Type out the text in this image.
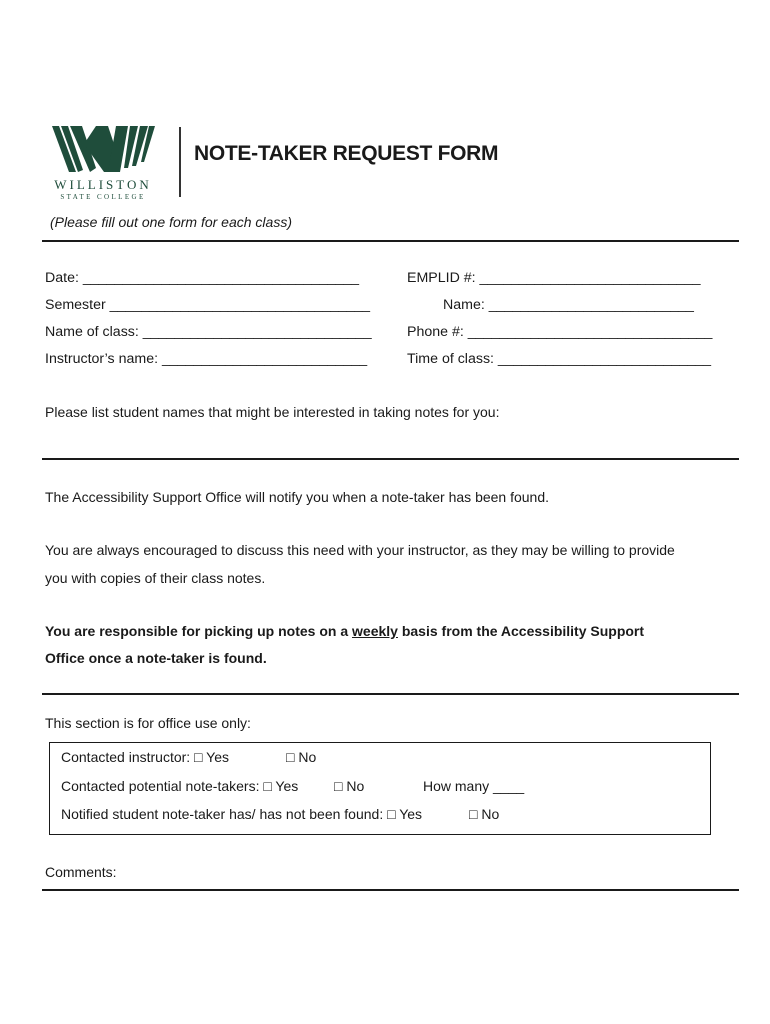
WILLISTON
STATE COLLEGE
NOTE-TAKER REQUEST FORM
(Please fill out one form for each class)
Date: ___________________________________	EMPLID #: ____________________________
Semester _________________________________	Name: __________________________
Name of class: _____________________________ Phone #: _______________________________
Instructor’s name: __________________________	Time of class: ___________________________
Please list student names that might be interested in taking notes for you:
The Accessibility Support Office will notify you when a note-taker has been found.
You are always encouraged to discuss this need with your instructor, as they may be willing to provide
you with copies of their class notes.
You are responsible for picking up notes on a weekly basis from the Accessibility Support
Office once a note-taker is found.
This section is for office use only:
Contacted instructor: □ Yes	□ No
Contacted potential note-takers: □ Yes	□ No	How many ____
Notified student note-taker has/ has not been found: □ Yes	□ No
Comments:
